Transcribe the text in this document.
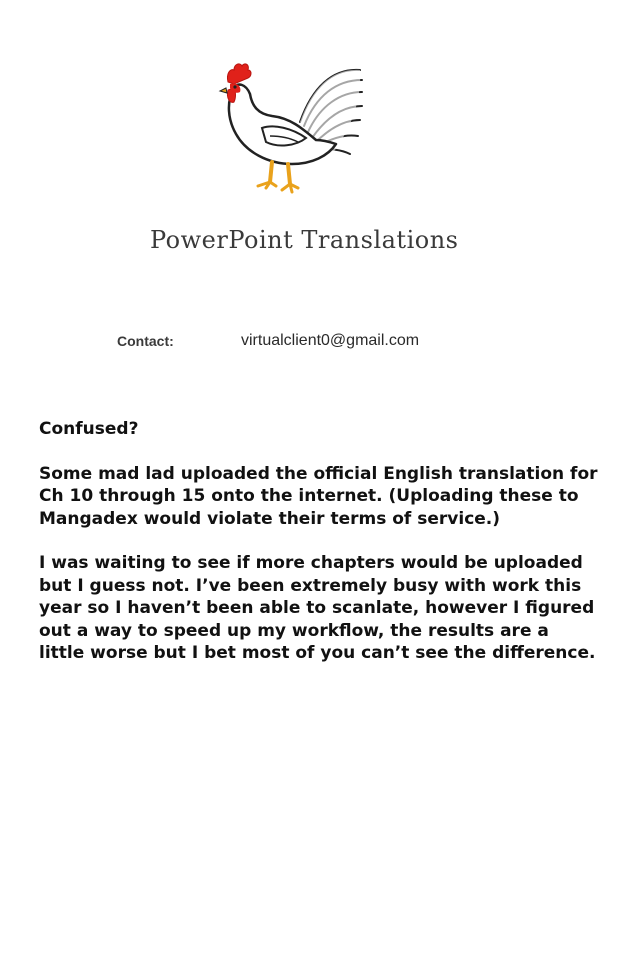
PowerPoint Translations
Contact:	virtualclient0@gmail.com

Confused?

Some mad lad uploaded the official English translation for Ch 10 through 15 onto the internet. (Uploading these to Mangadex would violate their terms of service.)

I was waiting to see if more chapters would be uploaded but I guess not. I’ve been extremely busy with work this year so I haven’t been able to scanlate, however I figured out a way to speed up my workflow, the results are a little worse but I bet most of you can’t see the difference.
